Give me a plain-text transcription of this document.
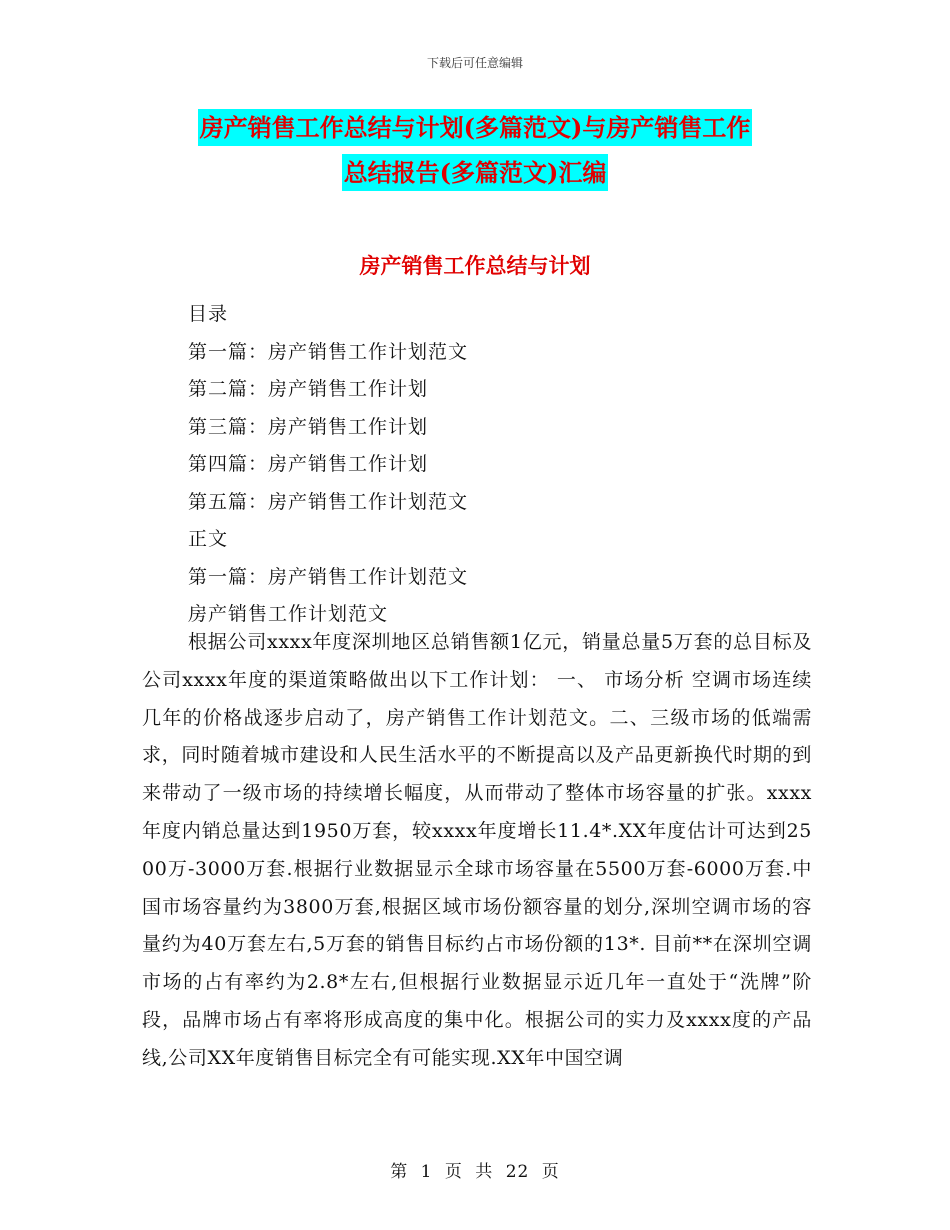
下载后可任意编辑
房产销售工作总结与计划(多篇范文)与房产销售工作
总结报告(多篇范文)汇编
房产销售工作总结与计划
目录
第一篇：房产销售工作计划范文
第二篇：房产销售工作计划
第三篇：房产销售工作计划
第四篇：房产销售工作计划
第五篇：房产销售工作计划范文
正文
第一篇：房产销售工作计划范文
房产销售工作计划范文
根据公司xxxx年度深圳地区总销售额1亿元，销量总量5万套的总目标及公司xxxx年度的渠道策略做出以下工作计划： 一、 市场分析 空调市场连续几年的价格战逐步启动了，房产销售工作计划范文。二、三级市场的低端需求，同时随着城市建设和人民生活水平的不断提高以及产品更新换代时期的到来带动了一级市场的持续增长幅度，从而带动了整体市场容量的扩张。xxxx年度内销总量达到1950万套，较xxxx年度增长11.4*.XX年度估计可达到2500万-3000万套.根据行业数据显示全球市场容量在5500万套-6000万套.中国市场容量约为3800万套,根据区域市场份额容量的划分,深圳空调市场的容量约为40万套左右,5万套的销售目标约占市场份额的13*. 目前**在深圳空调市场的占有率约为2.8*左右,但根据行业数据显示近几年一直处于“洗牌”阶段，品牌市场占有率将形成高度的集中化。根据公司的实力及xxxx度的产品线,公司XX年度销售目标完全有可能实现.XX年中国空调
第 1 页 共 22 页
